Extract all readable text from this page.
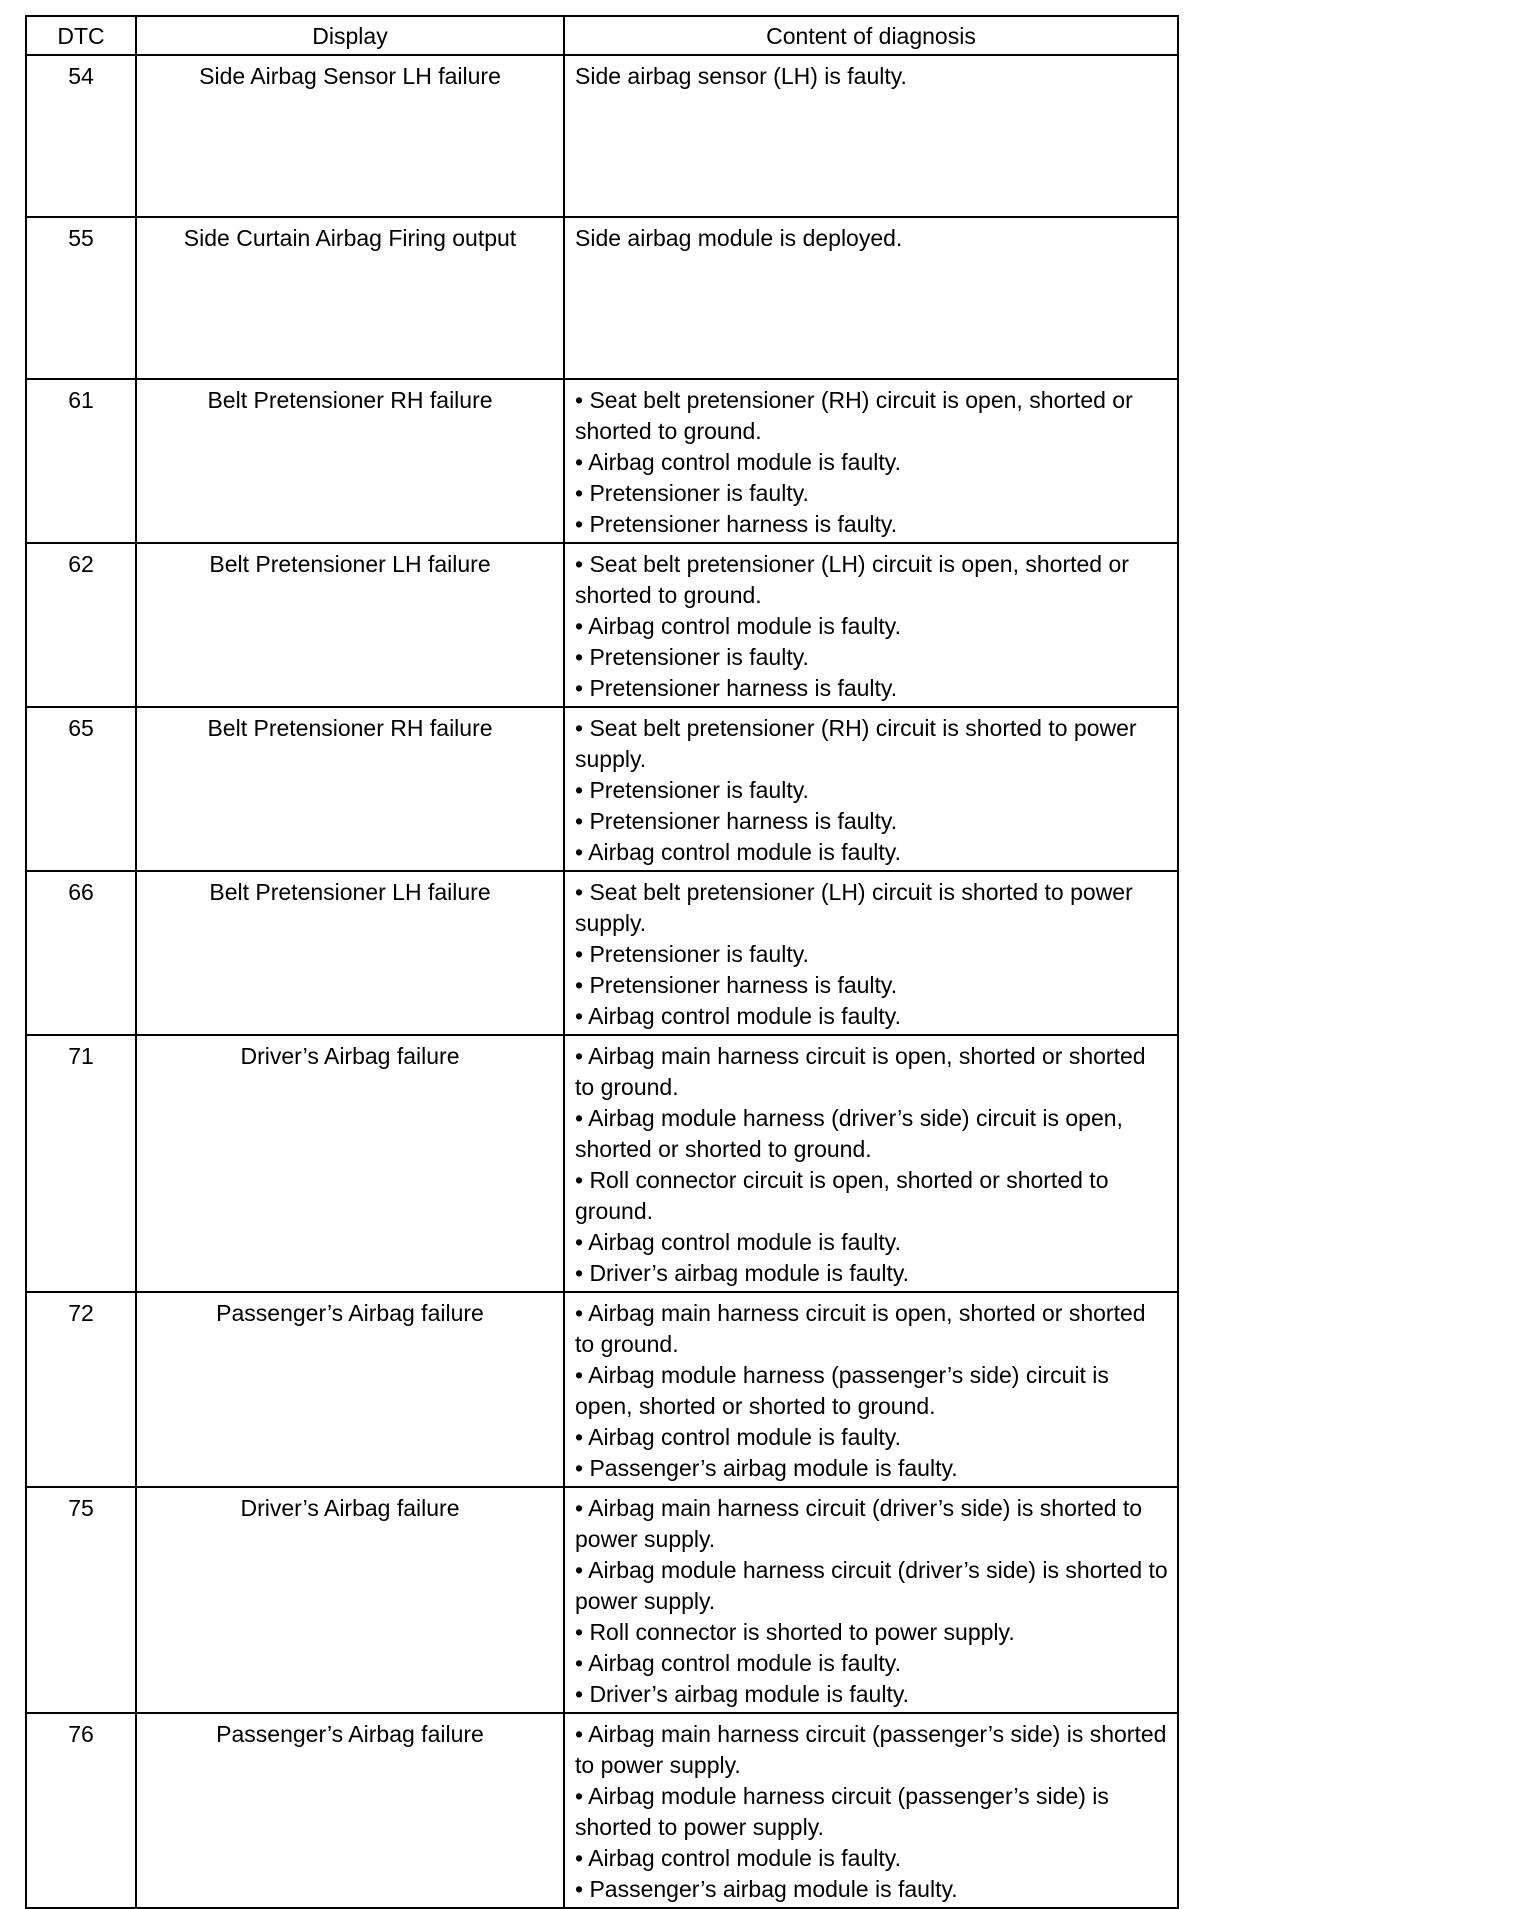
DTC	Display	Content of diagnosis
54	Side Airbag Sensor LH failure	Side airbag sensor (LH) is faulty.

55	Side Curtain Airbag Firing output	Side airbag module is deployed.

61	Belt Pretensioner RH failure	• Seat belt pretensioner (RH) circuit is open, shorted or shorted to ground.
• Airbag control module is faulty.
• Pretensioner is faulty.
• Pretensioner harness is faulty.

62	Belt Pretensioner LH failure	• Seat belt pretensioner (LH) circuit is open, shorted or shorted to ground.
• Airbag control module is faulty.
• Pretensioner is faulty.
• Pretensioner harness is faulty.

65	Belt Pretensioner RH failure	• Seat belt pretensioner (RH) circuit is shorted to power supply.
• Pretensioner is faulty.
• Pretensioner harness is faulty.
• Airbag control module is faulty.

66	Belt Pretensioner LH failure	• Seat belt pretensioner (LH) circuit is shorted to power supply.
• Pretensioner is faulty.
• Pretensioner harness is faulty.
• Airbag control module is faulty.

71	Driver’s Airbag failure	• Airbag main harness circuit is open, shorted or shorted to ground.
• Airbag module harness (driver’s side) circuit is open, shorted or shorted to ground.
• Roll connector circuit is open, shorted or shorted to ground.
• Airbag control module is faulty.
• Driver’s airbag module is faulty.

72	Passenger’s Airbag failure	• Airbag main harness circuit is open, shorted or shorted to ground.
• Airbag module harness (passenger’s side) circuit is open, shorted or shorted to ground.
• Airbag control module is faulty.
• Passenger’s airbag module is faulty.

75	Driver’s Airbag failure	• Airbag main harness circuit (driver’s side) is shorted to power supply.
• Airbag module harness circuit (driver’s side) is shorted to power supply.
• Roll connector is shorted to power supply.
• Airbag control module is faulty.
• Driver’s airbag module is faulty.

76	Passenger’s Airbag failure	• Airbag main harness circuit (passenger’s side) is shorted to power supply.
• Airbag module harness circuit (passenger’s side) is shorted to power supply.
• Airbag control module is faulty.
• Passenger’s airbag module is faulty.
